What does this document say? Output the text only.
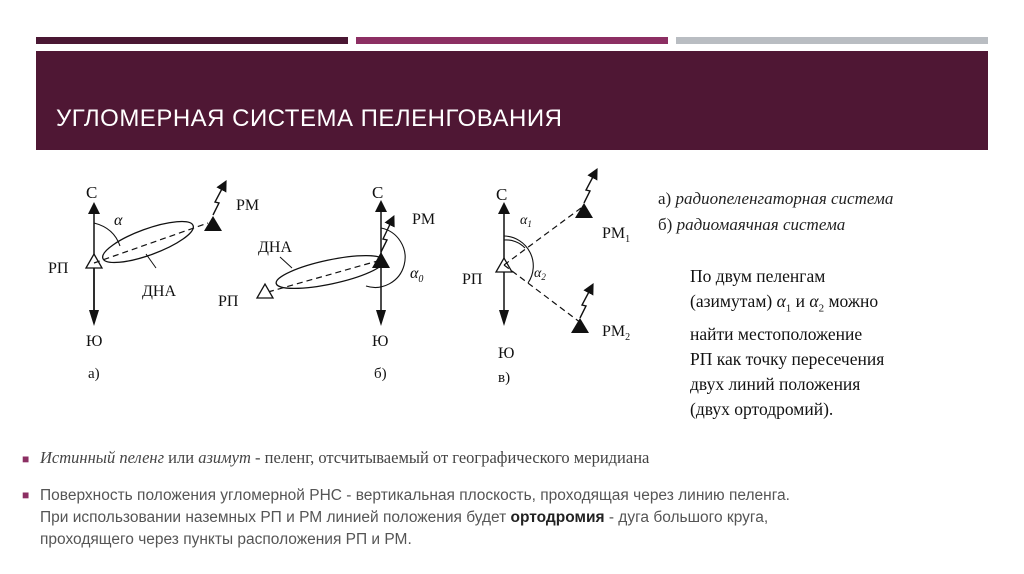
УГЛОМЕРНАЯ СИСТЕМА ПЕЛЕНГОВАНИЯ
С
Ю
а)
РП
α
РМ
ДНА
С
Ю
б)
РМ
РП
ДНА
$\alpha_0$
С
Ю
в)
РП
$РМ_1$
$РМ_2$
$\alpha_1$
$\alpha_2$
а) радиопеленгаторная система
б) радиомаячная система
По двум пеленгам
(азимутам) $\alpha_1$ и $\alpha_2$ можно
найти местоположение
РП как точку пересечения
двух линий положения
(двух ортодромий).
■ Истинный пеленг или азимут - пеленг, отсчитываемый от географического меридиана
■ Поверхность положения угломерной РНС - вертикальная плоскость, проходящая через линию пеленга.
При использовании наземных РП и РМ линией положения будет ортодромия - дуга большого круга,
проходящего через пункты расположения РП и РМ.
